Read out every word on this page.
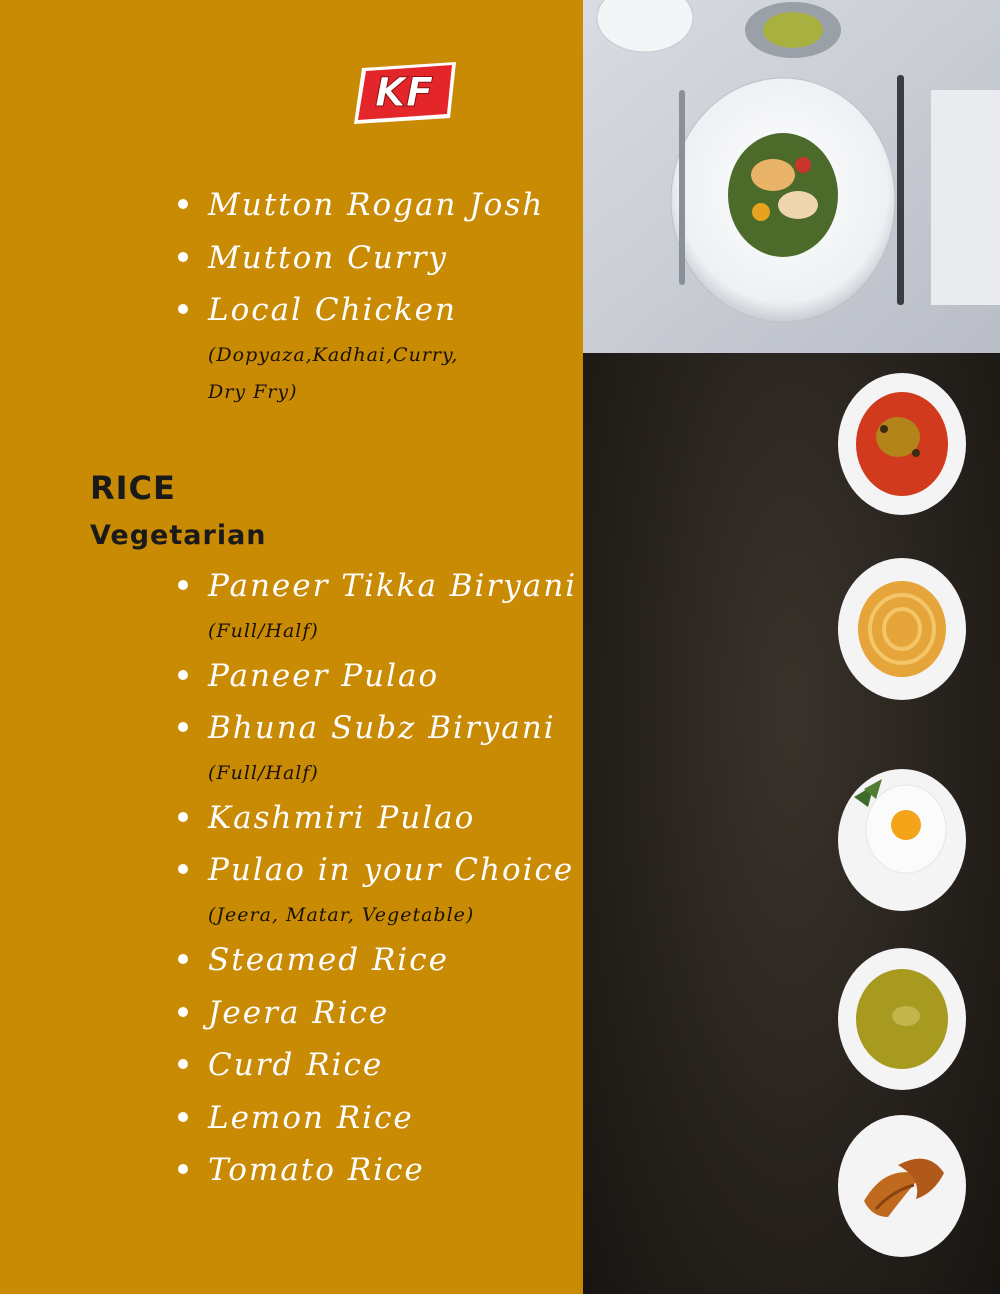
KF
Mutton Rogan Josh
Mutton Curry
Local Chicken
(Dopyaza,Kadhai,Curry,
Dry Fry)
RICE
Vegetarian
Paneer Tikka Biryani
Paneer Pulao
Bhuna Subz Biryani
Kashmiri Pulao
Pulao in your Choice
Steamed Rice
Jeera Rice
Curd Rice
Lemon Rice
Tomato Rice
(Full/Half)
(Full/Half)
(Jeera, Matar, Vegetable)
